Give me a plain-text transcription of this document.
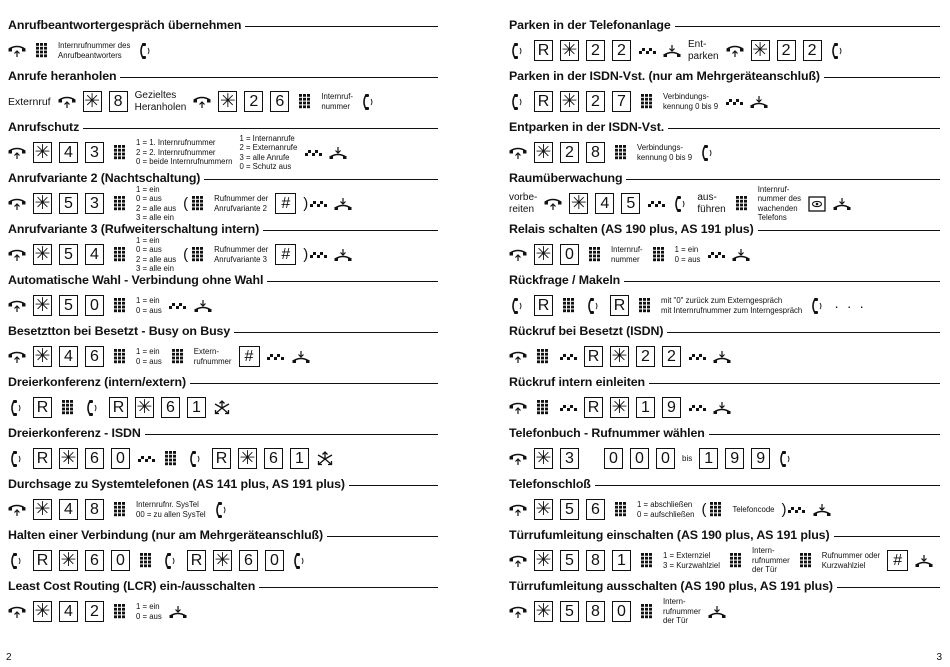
Anrufbeantwortergespräch übernehmen
Internrufnummer des
Anrufbeantworters
Anrufe heranholen
Externruf ✳ 8	Gezieltes
Heranholen ✳ 2	6	Internruf-
nummer
Anrufschutz
✳ 4	3
1 = 1. Internrufnummer
2 = 2. Internrufnummer
0 = beide Internrufnummern
1 = Internanrufe
2 = Externanrufe
3 = alle Anrufe
0 = Schutz aus
Anrufvariante 2 (Nachtschaltung)
✳ 5	3
1 = ein
0 = aus
2 = alle aus
3 = alle ein
(	Rufnummer der
Anrufvariante 2 # )
Anrufvariante 3 (Rufweiterschaltung intern)
✳ 5	4
1 = ein
0 = aus
2 = alle aus
3 = alle ein
(	Rufnummer der
Anrufvariante 3 # )
Automatische Wahl - Verbindung ohne Wahl
✳ 5	0	1 = ein
0 = aus
Besetztton bei Besetzt - Busy on Busy
✳ 4	6	1 = ein
0 = aus
Extern-
rufnummer #
Dreierkonferenz (intern/extern)
R	R ✳ 6	1
Dreierkonferenz - ISDN
R ✳ 6	0	R ✳ 6	1
Durchsage zu Systemtelefonen (AS 141 plus, AS 191 plus)
✳ 4	8	Internrufnr. SysTel
00 = zu allen SysTel
Halten einer Verbindung (nur am Mehrgeräteanschluß)
R ✳ 6	0	R ✳ 6	0
Least Cost Routing (LCR) ein-/ausschalten
✳ 4	2	1 = ein
0 = aus
Parken in der Telefonanlage
R ✳ 2	2	Ent-
parken ✳ 2	2
Parken in der ISDN-Vst. (nur am Mehrgeräteanschluß)
R ✳ 2	7	Verbindungs-
kennung 0 bis 9
Entparken in der ISDN-Vst.
✳ 2	8	Verbindungs-
kennung 0 bis 9
Raumüberwachung
vorbe-
reiten ✳ 4	5	aus-
führen
Internruf-
nummer des
wachenden
Telefons
Relais schalten (AS 190 plus, AS 191 plus)
✳ 0	Internruf-
nummer
1 = ein
0 = aus
Rückfrage / Makeln
R	R	mit "0" zurück zum Externgespräch
mit Internrufnummer zum Interngespräch · · ·
Rückruf bei Besetzt (ISDN)
R ✳ 2	2
Rückruf intern einleiten
R ✳ 1	9
Telefonbuch - Rufnummer wählen
✳ 3	0	0	0	bis 1	9	9
Telefonschloß
✳ 5	6	1 = abschließen
0 = aufschließen (	Telefoncode )
Türrufumleitung einschalten (AS 190 plus, AS 191 plus)
✳ 5	8	1	1 = Externziel
3 = Kurzwahlziel
Intern-
rufnummer
der Tür
Rufnummer oder
Kurzwahlziel	#
Türrufumleitung ausschalten (AS 190 plus, AS 191 plus)
✳ 5	8	0
Intern-
rufnummer
der Tür
2	3
